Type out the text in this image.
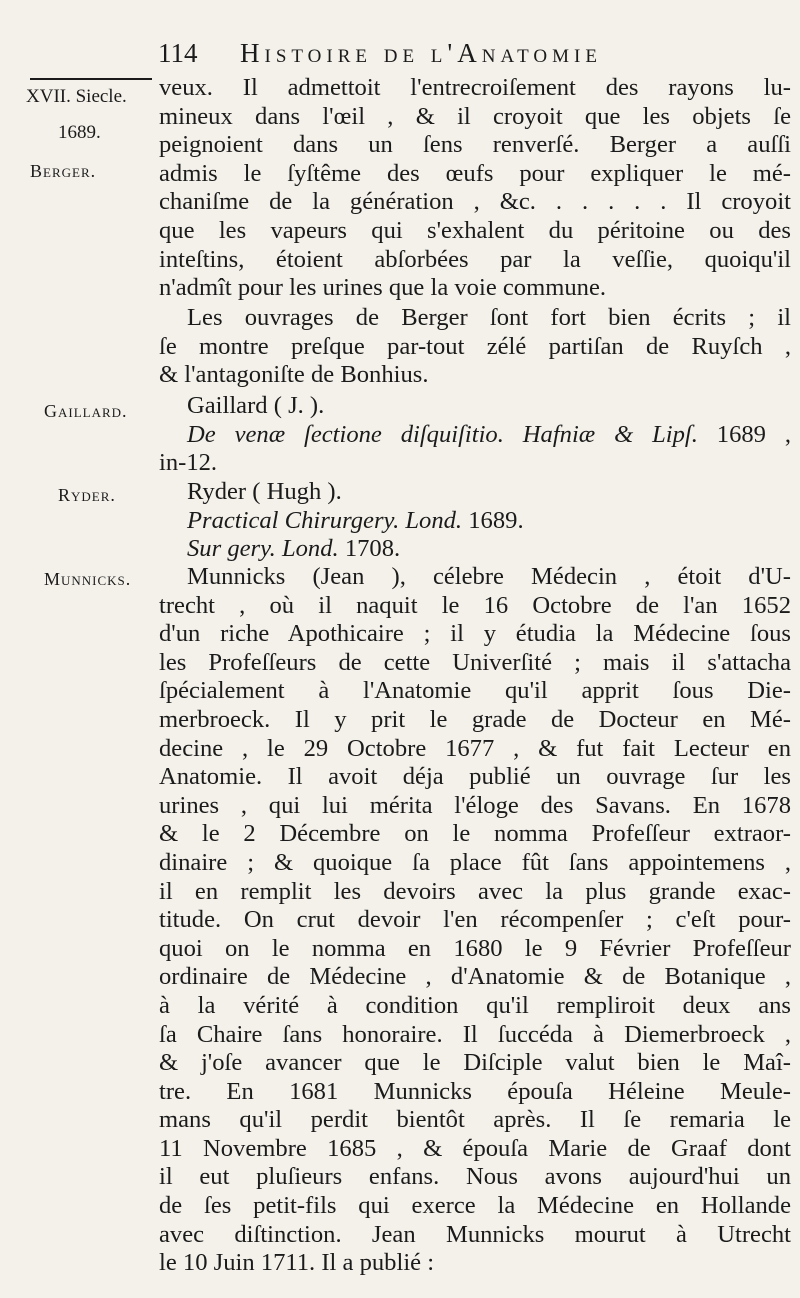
114 Histoire de l'Anatomie
XVII. Siecle.
1689.
Berger.
Gaillard.
Ryder.
Munnicks.
veux. Il admettoit l'entrecroiſement des rayons lu-
mineux dans l'œil , & il croyoit que les objets ſe
peignoient dans un ſens renverſé. Berger a auſſi
admis le ſyſtême des œufs pour expliquer le mé-
chaniſme de la génération , &c. . . . . . Il croyoit
que les vapeurs qui s'exhalent du péritoine ou des
inteſtins, étoient abſorbées par la veſſie, quoiqu'il
n'admît pour les urines que la voie commune.
Les ouvrages de Berger ſont fort bien écrits ; il
ſe montre preſque par-tout zélé partiſan de Ruyſch ,
& l'antagoniſte de Bonhius.
Gaillard ( J. ).
De venæ ſectione diſquiſitio. Hafniæ & Lipſ. 1689 ,
in-12.
Ryder ( Hugh ).
Practical Chirurgery. Lond. 1689.
Sur gery. Lond. 1708.
Munnicks (Jean ), célebre Médecin , étoit d'U-
trecht , où il naquit le 16 Octobre de l'an 1652
d'un riche Apothicaire ; il y étudia la Médecine ſous
les Profeſſeurs de cette Univerſité ; mais il s'attacha
ſpécialement à l'Anatomie qu'il apprit ſous Die-
merbroeck. Il y prit le grade de Docteur en Mé-
decine , le 29 Octobre 1677 , & fut fait Lecteur en
Anatomie. Il avoit déja publié un ouvrage ſur les
urines , qui lui mérita l'éloge des Savans. En 1678
& le 2 Décembre on le nomma Profeſſeur extraor-
dinaire ; & quoique ſa place fût ſans appointemens ,
il en remplit les devoirs avec la plus grande exac-
titude. On crut devoir l'en récompenſer ; c'eſt pour-
quoi on le nomma en 1680 le 9 Février Profeſſeur
ordinaire de Médecine , d'Anatomie & de Botanique ,
à la vérité à condition qu'il rempliroit deux ans
ſa Chaire ſans honoraire. Il ſuccéda à Diemerbroeck ,
& j'oſe avancer que le Diſciple valut bien le Maî-
tre. En 1681 Munnicks épouſa Héleine Meule-
mans qu'il perdit bientôt après. Il ſe remaria le
11 Novembre 1685 , & épouſa Marie de Graaf dont
il eut pluſieurs enfans. Nous avons aujourd'hui un
de ſes petit-fils qui exerce la Médecine en Hollande
avec diſtinction. Jean Munnicks mourut à Utrecht
le 10 Juin 1711. Il a publié :
